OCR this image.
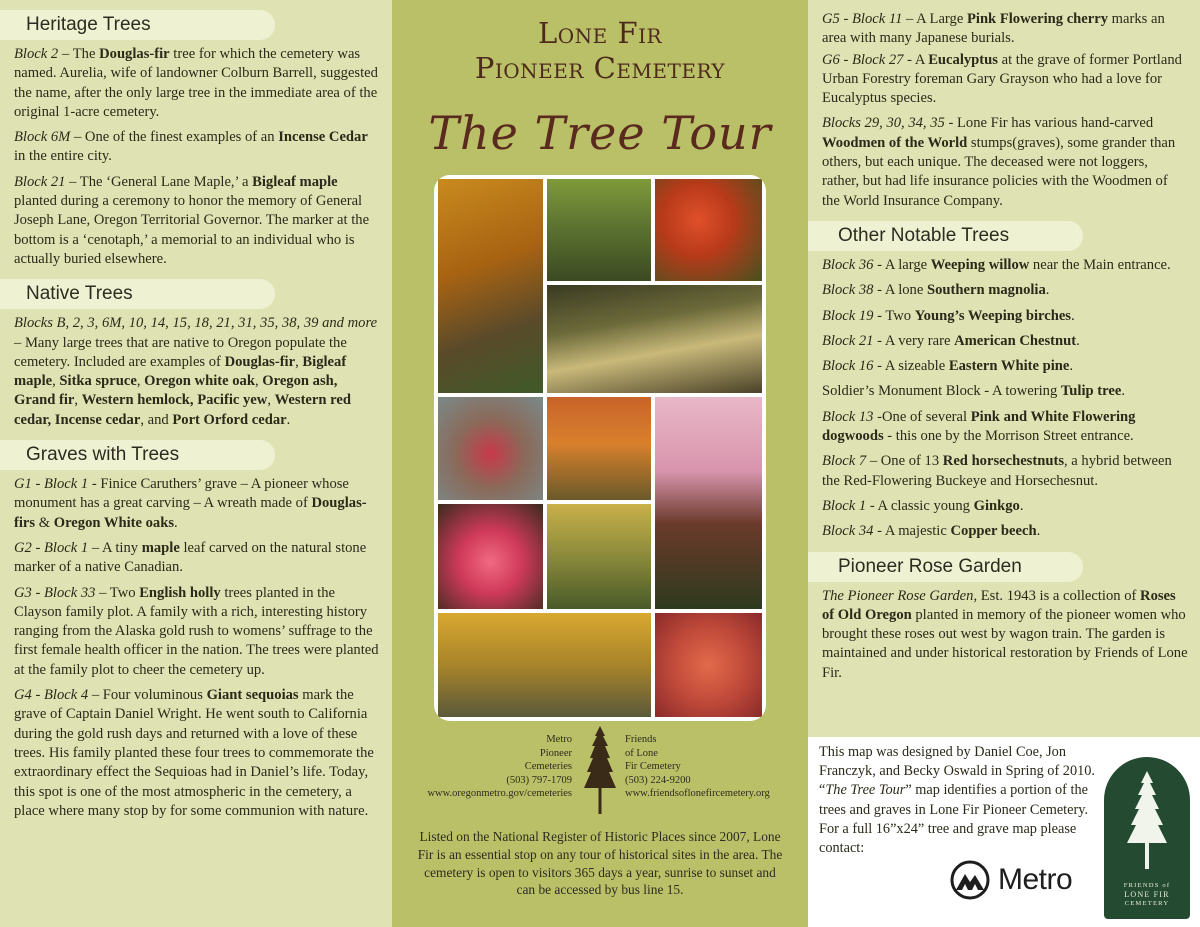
Heritage Trees

Block 2 – The Douglas-fir tree for which the cemetery was named. Aurelia, wife of landowner Colburn Barrell, suggested the name, after the only large tree in the immediate area of the original 1-acre cemetery.

Block 6M – One of the finest examples of an Incense Cedar in the entire city.

Block 21 – The ‘General Lane Maple,’ a Bigleaf maple planted during a ceremony to honor the memory of General Joseph Lane, Oregon Territorial Governor. The marker at the bottom is a ‘cenotaph,’ a memorial to an individual who is actually buried elsewhere.

Native Trees

Blocks B, 2, 3, 6M, 10, 14, 15, 18, 21, 31, 35, 38, 39 and more – Many large trees that are native to Oregon populate the cemetery. Included are examples of Douglas-fir, Bigleaf maple, Sitka spruce, Oregon white oak, Oregon ash, Grand fir, Western hemlock, Pacific yew, Western red cedar, Incense cedar, and Port Orford cedar.

Graves with Trees

G1 - Block 1 - Finice Caruthers’ grave – A pioneer whose monument has a great carving – A wreath made of Douglas-firs & Oregon White oaks.

G2 - Block 1 – A tiny maple leaf carved on the natural stone marker of a native Canadian.

G3 - Block 33 – Two English holly trees planted in the Clayson family plot. A family with a rich, interesting history ranging from the Alaska gold rush to womens’ suffrage to the first female health officer in the nation. The trees were planted at the family plot to cheer the cemetery up.

G4 - Block 4 – Four voluminous Giant sequoias mark the grave of Captain Daniel Wright. He went south to California during the gold rush days and returned with a love of these trees. His family planted these four trees to commemorate the extraordinary effect the Sequioas had in Daniel’s life. Today, this spot is one of the most atmospheric in the cemetery, a place where many stop by for some communion with nature.

Lone Fir
Pioneer Cemetery
The Tree Tour
Metro
Pioneer
Cemeteries
(503) 797-1709
www.oregonmetro.gov/cemeteries
Friends
of Lone
Fir Cemetery
(503) 224-9200
www.friendsoflonefircemetery.org

Listed on the National Register of Historic Places since 2007, Lone Fir is an essential stop on any tour of historical sites in the area. The cemetery is open to visitors 365 days a year, sunrise to sunset and can be accessed by bus line 15.

G5 - Block 11 – A Large Pink Flowering cherry marks an area with many Japanese burials.

G6 - Block 27 - A Eucalyptus at the grave of former Portland Urban Forestry foreman Gary Grayson who had a love for Eucalyptus species.

Blocks 29, 30, 34, 35 - Lone Fir has various hand-carved Woodmen of the World stumps(graves), some grander than others, but each unique. The deceased were not loggers, rather, but had life insurance policies with the Woodmen of the World Insurance Company.

Other Notable Trees

Block 36 - A large Weeping willow near the Main entrance.

Block 38 - A lone Southern magnolia.

Block 19 - Two Young’s Weeping birches.

Block 21 - A very rare American Chestnut.

Block 16 - A sizeable Eastern White pine.

Soldier’s Monument Block - A towering Tulip tree.

Block 13 -One of several Pink and White Flowering dogwoods - this one by the Morrison Street entrance.

Block 7 – One of 13 Red horsechestnuts, a hybrid between the Red-Flowering Buckeye and Horsechesnut.

Block 1 - A classic young Ginkgo.

Block 34 - A majestic Copper beech.

Pioneer Rose Garden

The Pioneer Rose Garden, Est. 1943 is a collection of Roses of Old Oregon planted in memory of the pioneer women who brought these roses out west by wagon train. The garden is maintained and under historical restoration by Friends of Lone Fir.

This map was designed by Daniel Coe, Jon Franczyk, and Becky Oswald in Spring of 2010. “The Tree Tour” map identifies a portion of the trees and graves in Lone Fir Pioneer Cemetery. For a full 16”x24” tree and grave map please contact:

Metro	FRIENDS of
LONE FIR
CEMETERY
